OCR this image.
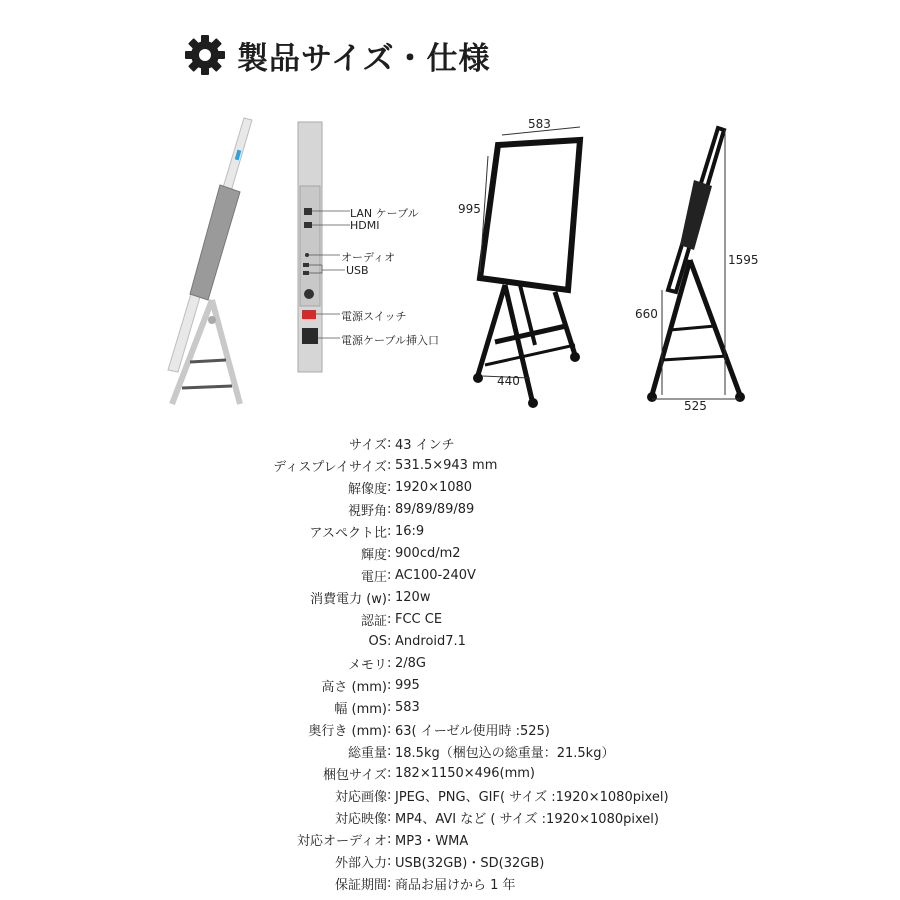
製品サイズ・仕様
LAN ケーブル
HDMI
オーディオ
USB
電源スイッチ
電源ケーブル挿入口
583
995
440
1595
660
525
サイズ : 43 インチ
ディスプレイサイズ : 531.5×943 mm
解像度 : 1920×1080
視野角 : 89/89/89/89
アスペクト比 : 16:9
輝度 : 900cd/m2
電圧 : AC100-240V
消費電力 (w) : 120w
認証 : FCC CE
OS : Android7.1
メモリ : 2/8G
高さ (mm) : 995
幅 (mm) : 583
奥行き (mm) : 63( イーゼル使用時 :525)
総重量 : 18.5kg（梱包込の総重量：21.5kg）
梱包サイズ : 182×1150×496(mm)
対応画像 : JPEG、PNG、GIF( サイズ :1920×1080pixel)
対応映像 : MP4、AVI など ( サイズ :1920×1080pixel)
対応オーディオ : MP3・WMA
外部入力 : USB(32GB)・SD(32GB)
保証期間 : 商品お届けから 1 年
